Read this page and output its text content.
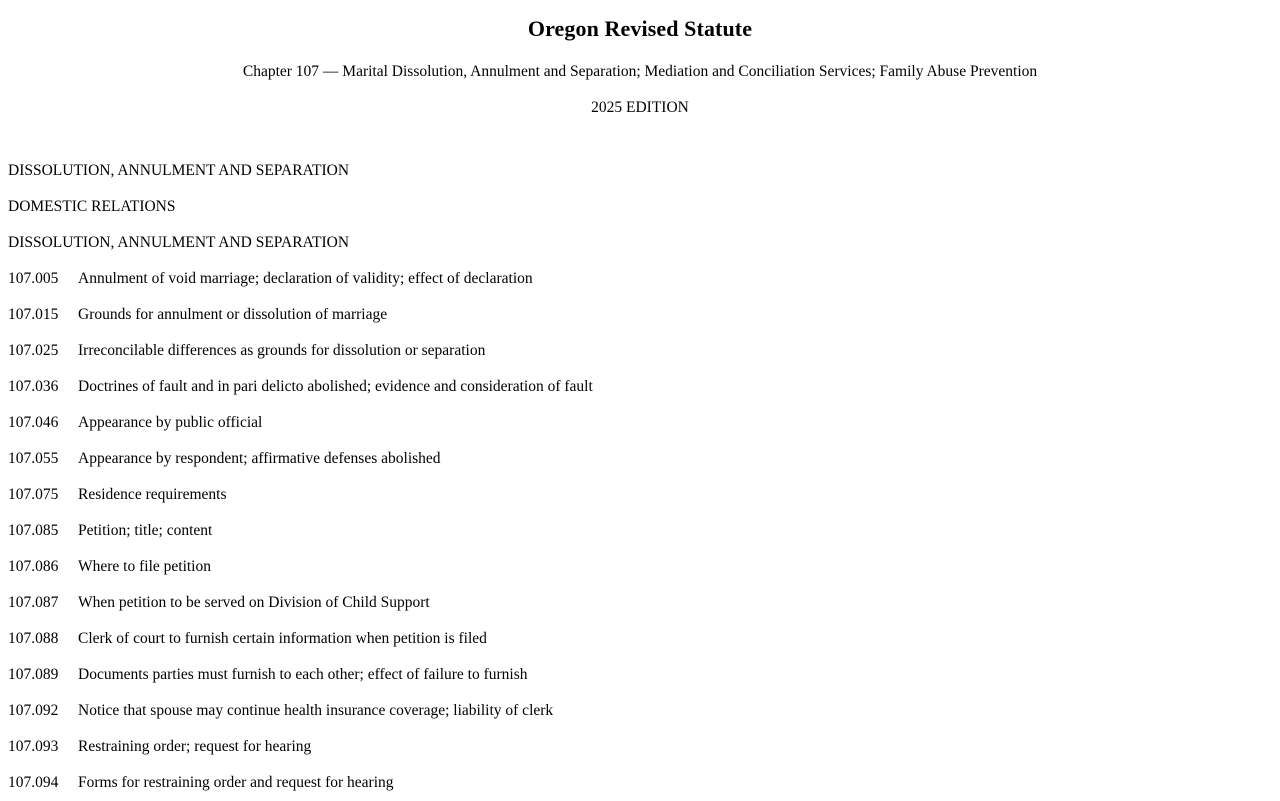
Oregon Revised Statute
Chapter 107 — Marital Dissolution, Annulment and Separation; Mediation and Conciliation Services; Family Abuse Prevention
2025 EDITION
DISSOLUTION, ANNULMENT AND SEPARATION
DOMESTIC RELATIONS
DISSOLUTION, ANNULMENT AND SEPARATION
107.005	Annulment of void marriage; declaration of validity; effect of declaration
107.015	Grounds for annulment or dissolution of marriage
107.025	Irreconcilable differences as grounds for dissolution or separation
107.036	Doctrines of fault and in pari delicto abolished; evidence and consideration of fault
107.046	Appearance by public official
107.055	Appearance by respondent; affirmative defenses abolished
107.075	Residence requirements
107.085	Petition; title; content
107.086	Where to file petition
107.087	When petition to be served on Division of Child Support
107.088	Clerk of court to furnish certain information when petition is filed
107.089	Documents parties must furnish to each other; effect of failure to furnish
107.092	Notice that spouse may continue health insurance coverage; liability of clerk
107.093	Restraining order; request for hearing
107.094	Forms for restraining order and request for hearing
